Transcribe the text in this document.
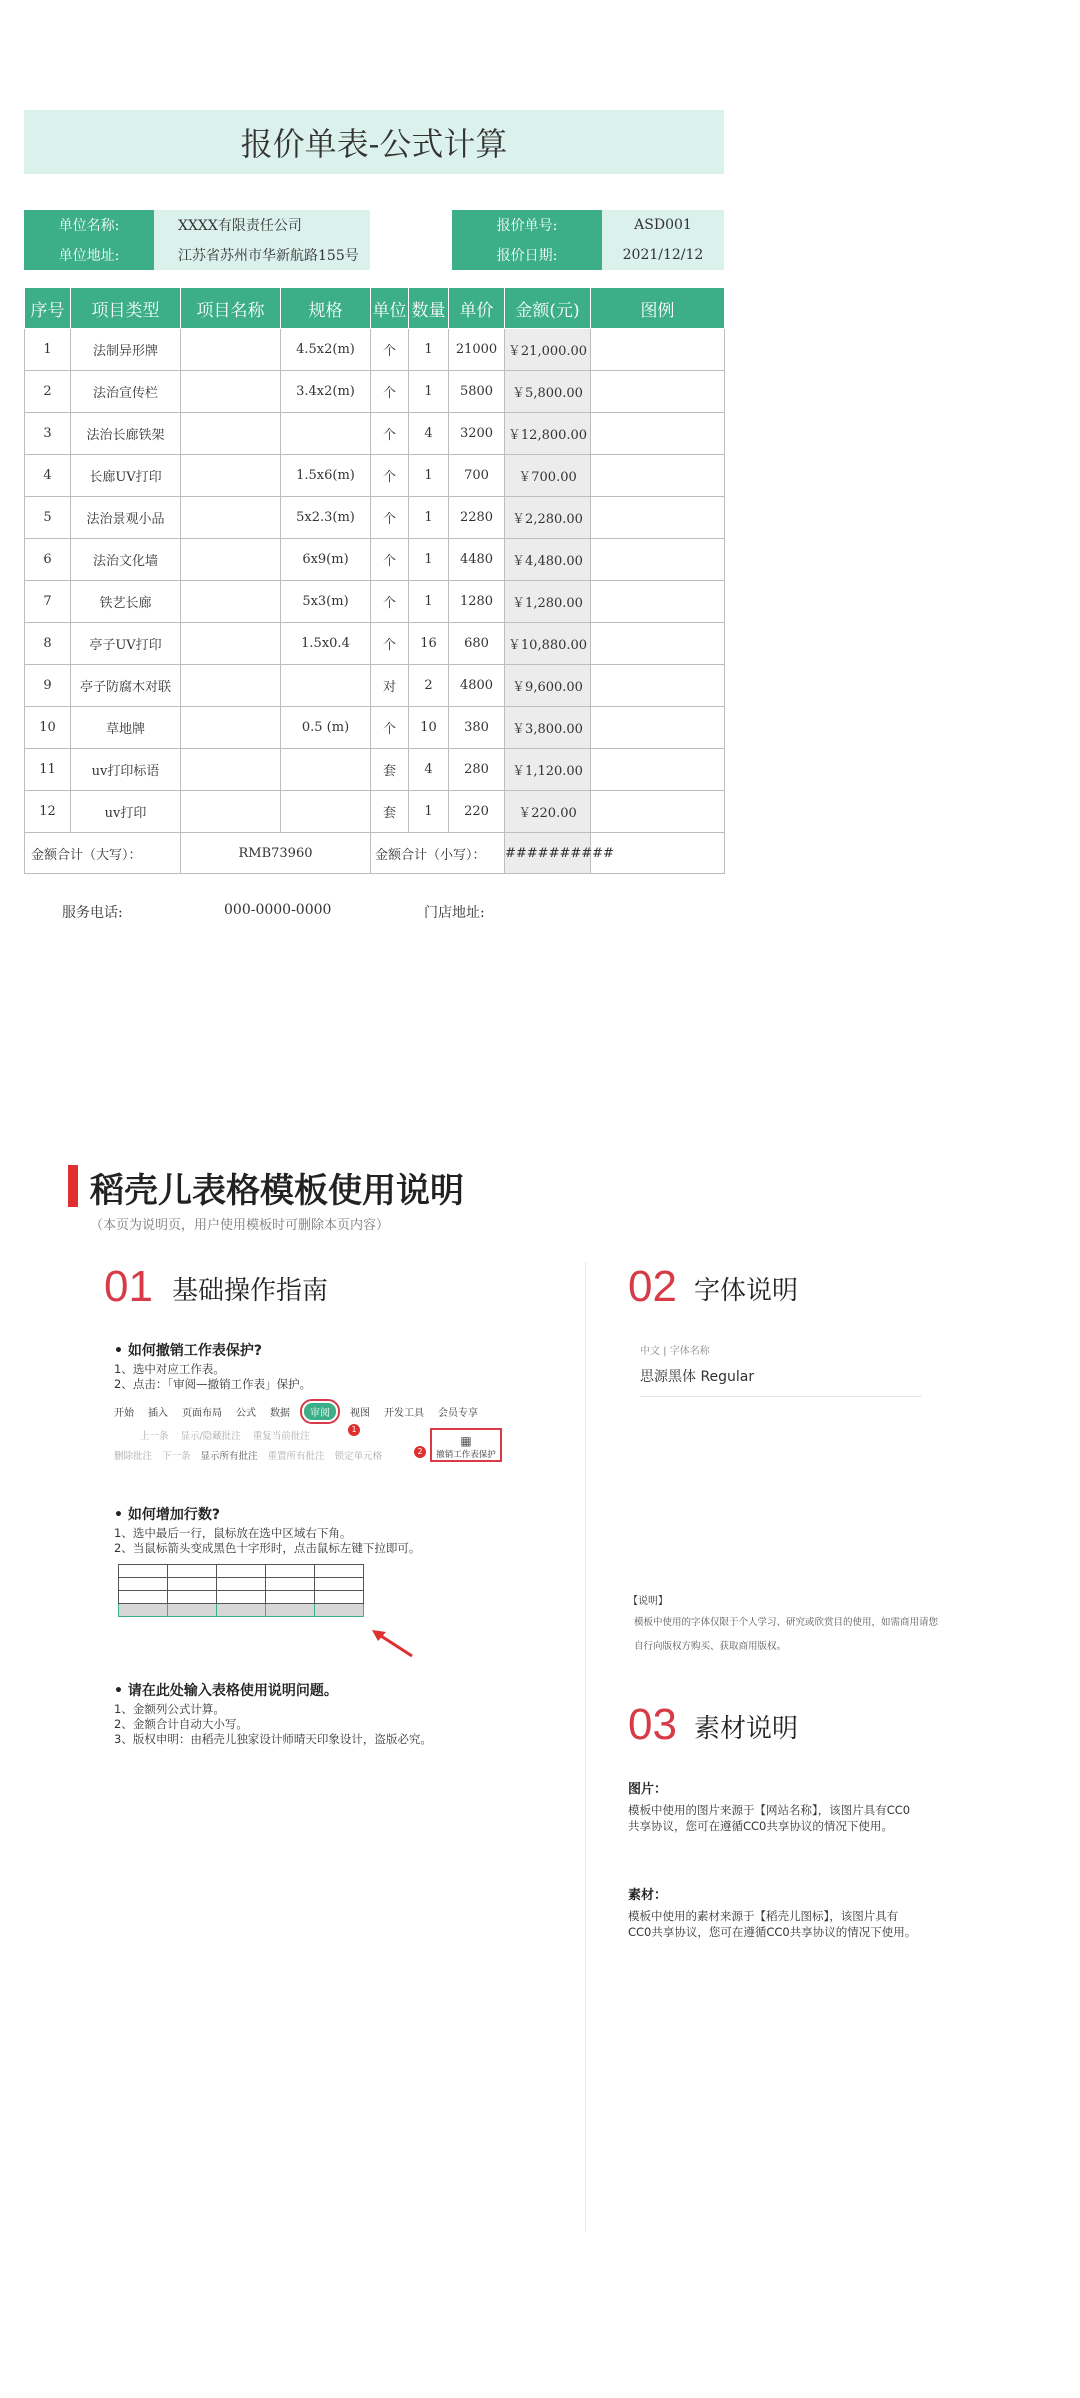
报价单表-公式计算
单位名称:	XXXX有限责任公司
单位地址:	江苏省苏州市华新航路155号
报价单号:	ASD001
报价日期:	2021/12/12
序号	项目类型	项目名称	规格	单位	数量	单价	金额(元)	图例
1	法制异形牌		4.5x2(m)	个	1	21000	￥21,000.00	
2	法治宣传栏		3.4x2(m)	个	1	5800	￥5,800.00	
3	法治长廊铁架			个	4	3200	￥12,800.00	
4	长廊UV打印		1.5x6(m)	个	1	700	￥700.00	
5	法治景观小品		5x2.3(m)	个	1	2280	￥2,280.00	
6	法治文化墙		6x9(m)	个	1	4480	￥4,480.00	
7	铁艺长廊		5x3(m)	个	1	1280	￥1,280.00	
8	亭子UV打印		1.5x0.4	个	16	680	￥10,880.00	
9	亭子防腐木对联			对	2	4800	￥9,600.00	
10	草地牌		0.5 (m)	个	10	380	￥3,800.00	
11	uv打印标语			套	4	280	￥1,120.00	
12	uv打印			套	1	220	￥220.00	
金额合计（大写）：		RMB73960		金额合计（小写）：			##########	
服务电话:	000-0000-0000	门店地址:
稻壳儿表格模板使用说明
（本页为说明页，用户使用模板时可删除本页内容）
01 基础操作指南
• 如何撤销工作表保护?
1、选中对应工作表。
2、点击：「审阅—撤销工作表」保护。
开始 插入 页面布局 公式 数据	审阅	视图 开发工具 会员专享
上一条 显示/隐藏批注 重复当前批注
删除批注 下一条 显示所有批注 重置所有批注 锁定单元格
1
2
▦
撤销工作表保护
• 如何增加行数?
1、选中最后一行，鼠标放在选中区域右下角。
2、当鼠标箭头变成黑色十字形时，点击鼠标左键下拉即可。

• 请在此处输入表格使用说明问题。
1、金额列公式计算。
2、金额合计自动大小写。
3、版权申明：由稻壳儿独家设计师晴天印象设计，盗版必究。
02 字体说明
中文 | 字体名称
思源黑体 Regular
【说明】
模板中使用的字体仅限于个人学习、研究或欣赏目的使用，如需商用请您
自行向版权方购买、获取商用版权。
03 素材说明
图片：
模板中使用的图片来源于【网站名称】，该图片具有CC0
共享协议，您可在遵循CC0共享协议的情况下使用。
素材：
模板中使用的素材来源于【稻壳儿图标】，该图片具有
CC0共享协议，您可在遵循CC0共享协议的情况下使用。
